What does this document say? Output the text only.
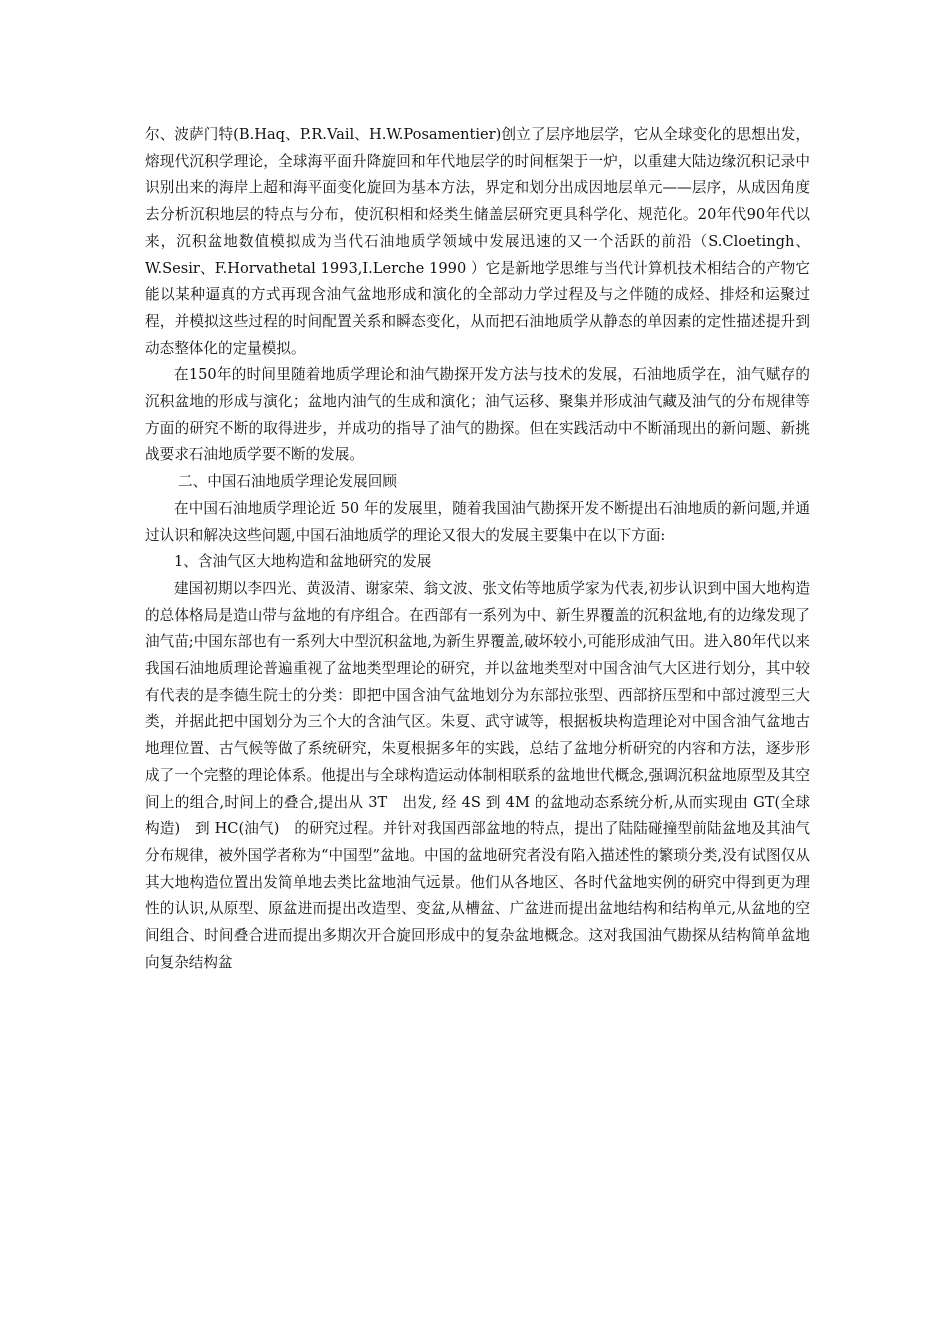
尔、波萨门特(B.Haq、P.R.Vail、H.W.Posamentier)创立了层序地层学，它从全球变化的思想出发，熔现代沉积学理论，全球海平面升降旋回和年代地层学的时间框架于一炉，以重建大陆边缘沉积记录中识别出来的海岸上超和海平面变化旋回为基本方法，界定和划分出成因地层单元——层序，从成因角度去分析沉积地层的特点与分布，使沉积相和烃类生储盖层研究更具科学化、规范化。20年代90年代以来，沉积盆地数值模拟成为当代石油地质学领域中发展迅速的又一个活跃的前沿（S.Cloetingh、W.Sesir、F.Horvathetal 1993,I.Lerche 1990 ）它是新地学思维与当代计算机技术相结合的产物它能以某种逼真的方式再现含油气盆地形成和演化的全部动力学过程及与之伴随的成烃、排烃和运聚过程，并模拟这些过程的时间配置关系和瞬态变化，从而把石油地质学从静态的单因素的定性描述提升到动态整体化的定量模拟。

在150年的时间里随着地质学理论和油气勘探开发方法与技术的发展，石油地质学在，油气赋存的沉积盆地的形成与演化；盆地内油气的生成和演化；油气运移、聚集并形成油气藏及油气的分布规律等方面的研究不断的取得进步，并成功的指导了油气的勘探。但在实践活动中不断涌现出的新问题、新挑战要求石油地质学要不断的发展。

二、中国石油地质学理论发展回顾

在中国石油地质学理论近 50 年的发展里，随着我国油气勘探开发不断提出石油地质的新问题,并通过认识和解决这些问题,中国石油地质学的理论又很大的发展主要集中在以下方面:

1、含油气区大地构造和盆地研究的发展

建国初期以李四光、黄汲清、谢家荣、翁文波、张文佑等地质学家为代表,初步认识到中国大地构造的总体格局是造山带与盆地的有序组合。在西部有一系列为中、新生界覆盖的沉积盆地,有的边缘发现了油气苗;中国东部也有一系列大中型沉积盆地,为新生界覆盖,破坏较小,可能形成油气田。进入80年代以来我国石油地质理论普遍重视了盆地类型理论的研究，并以盆地类型对中国含油气大区进行划分，其中较有代表的是李德生院士的分类：即把中国含油气盆地划分为东部拉张型、西部挤压型和中部过渡型三大类，并据此把中国划分为三个大的含油气区。朱夏、武守诚等，根据板块构造理论对中国含油气盆地古地理位置、古气候等做了系统研究，朱夏根据多年的实践，总结了盆地分析研究的内容和方法，逐步形成了一个完整的理论体系。他提出与全球构造运动体制相联系的盆地世代概念,强调沉积盆地原型及其空间上的组合,时间上的叠合,提出从 3T　出发, 经 4S 到 4M 的盆地动态系统分析,从而实现由 GT(全球构造)　到 HC(油气)　的研究过程。并针对我国西部盆地的特点，提出了陆陆碰撞型前陆盆地及其油气分布规律，被外国学者称为“中国型”盆地。中国的盆地研究者没有陷入描述性的繁琐分类,没有试图仅从其大地构造位置出发简单地去类比盆地油气远景。他们从各地区、各时代盆地实例的研究中得到更为理性的认识,从原型、原盆进而提出改造型、变盆,从槽盆、广盆进而提出盆地结构和结构单元,从盆地的空间组合、时间叠合进而提出多期次开合旋回形成中的复杂盆地概念。这对我国油气勘探从结构简单盆地向复杂结构盆
